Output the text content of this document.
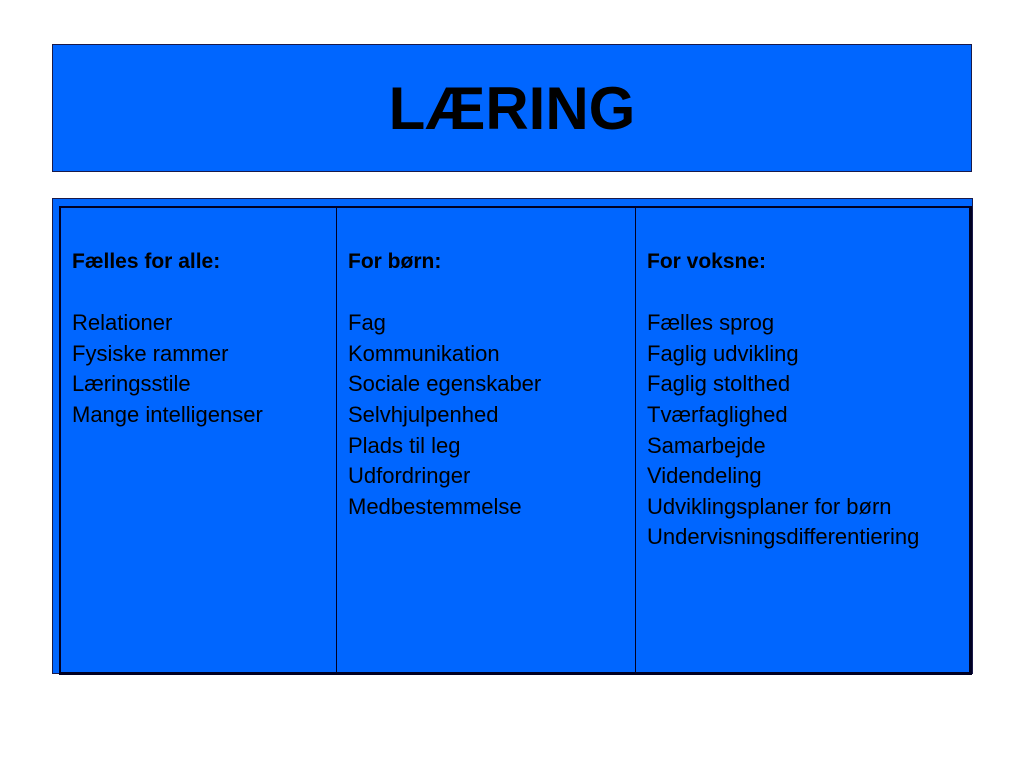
LÆRING
Fælles for alle:
Relationer
Fysiske rammer
Læringsstile
Mange intelligenser
For børn:
Fag
Kommunikation
Sociale egenskaber
Selvhjulpenhed
Plads til leg
Udfordringer
Medbestemmelse
For voksne:
Fælles sprog
Faglig udvikling
Faglig stolthed
Tværfaglighed
Samarbejde
Videndeling
Udviklingsplaner for børn
Undervisningsdifferentiering
